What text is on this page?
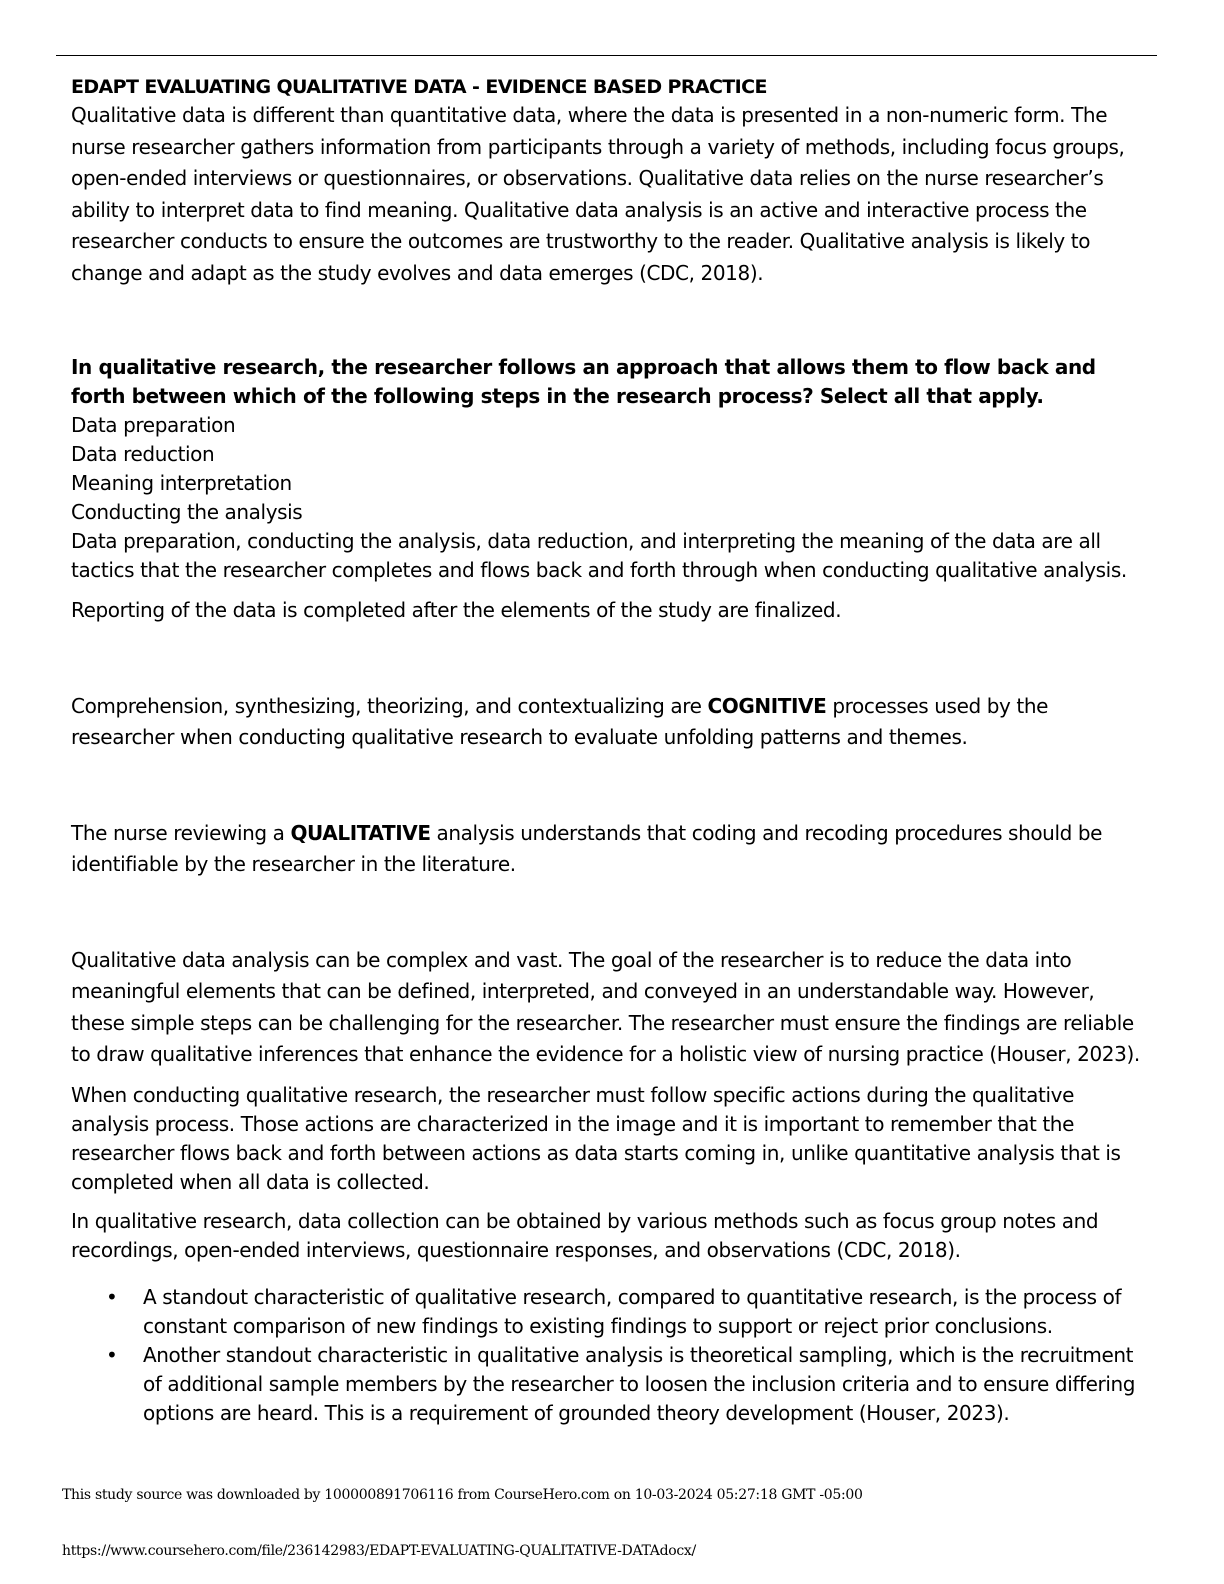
EDAPT EVALUATING QUALITATIVE DATA - EVIDENCE BASED PRACTICE

Qualitative data is different than quantitative data, where the data is presented in a non-numeric form. The nurse researcher gathers information from participants through a variety of methods, including focus groups, open-ended interviews or questionnaires, or observations. Qualitative data relies on the nurse researcher’s ability to interpret data to find meaning. Qualitative data analysis is an active and interactive process the researcher conducts to ensure the outcomes are trustworthy to the reader. Qualitative analysis is likely to change and adapt as the study evolves and data emerges (CDC, 2018).

In qualitative research, the researcher follows an approach that allows them to flow back and forth between which of the following steps in the research process? Select all that apply.

Data preparation

Data reduction

Meaning interpretation

Conducting the analysis

Data preparation, conducting the analysis, data reduction, and interpreting the meaning of the data are all tactics that the researcher completes and flows back and forth through when conducting qualitative analysis.

Reporting of the data is completed after the elements of the study are finalized.

Comprehension, synthesizing, theorizing, and contextualizing are COGNITIVE processes used by the researcher when conducting qualitative research to evaluate unfolding patterns and themes.

The nurse reviewing a QUALITATIVE analysis understands that coding and recoding procedures should be identifiable by the researcher in the literature.

Qualitative data analysis can be complex and vast. The goal of the researcher is to reduce the data into meaningful elements that can be defined, interpreted, and conveyed in an understandable way. However, these simple steps can be challenging for the researcher. The researcher must ensure the findings are reliable to draw qualitative inferences that enhance the evidence for a holistic view of nursing practice (Houser, 2023).

When conducting qualitative research, the researcher must follow specific actions during the qualitative analysis process. Those actions are characterized in the image and it is important to remember that the researcher flows back and forth between actions as data starts coming in, unlike quantitative analysis that is completed when all data is collected.

In qualitative research, data collection can be obtained by various methods such as focus group notes and recordings, open-ended interviews, questionnaire responses, and observations (CDC, 2018).

• A standout characteristic of qualitative research, compared to quantitative research, is the process of constant comparison of new findings to existing findings to support or reject prior conclusions.
• Another standout characteristic in qualitative analysis is theoretical sampling, which is the recruitment of additional sample members by the researcher to loosen the inclusion criteria and to ensure differing options are heard. This is a requirement of grounded theory development (Houser, 2023).
This study source was downloaded by 100000891706116 from CourseHero.com on 10-03-2024 05:27:18 GMT -05:00
https://www.coursehero.com/file/236142983/EDAPT-EVALUATING-QUALITATIVE-DATAdocx/
